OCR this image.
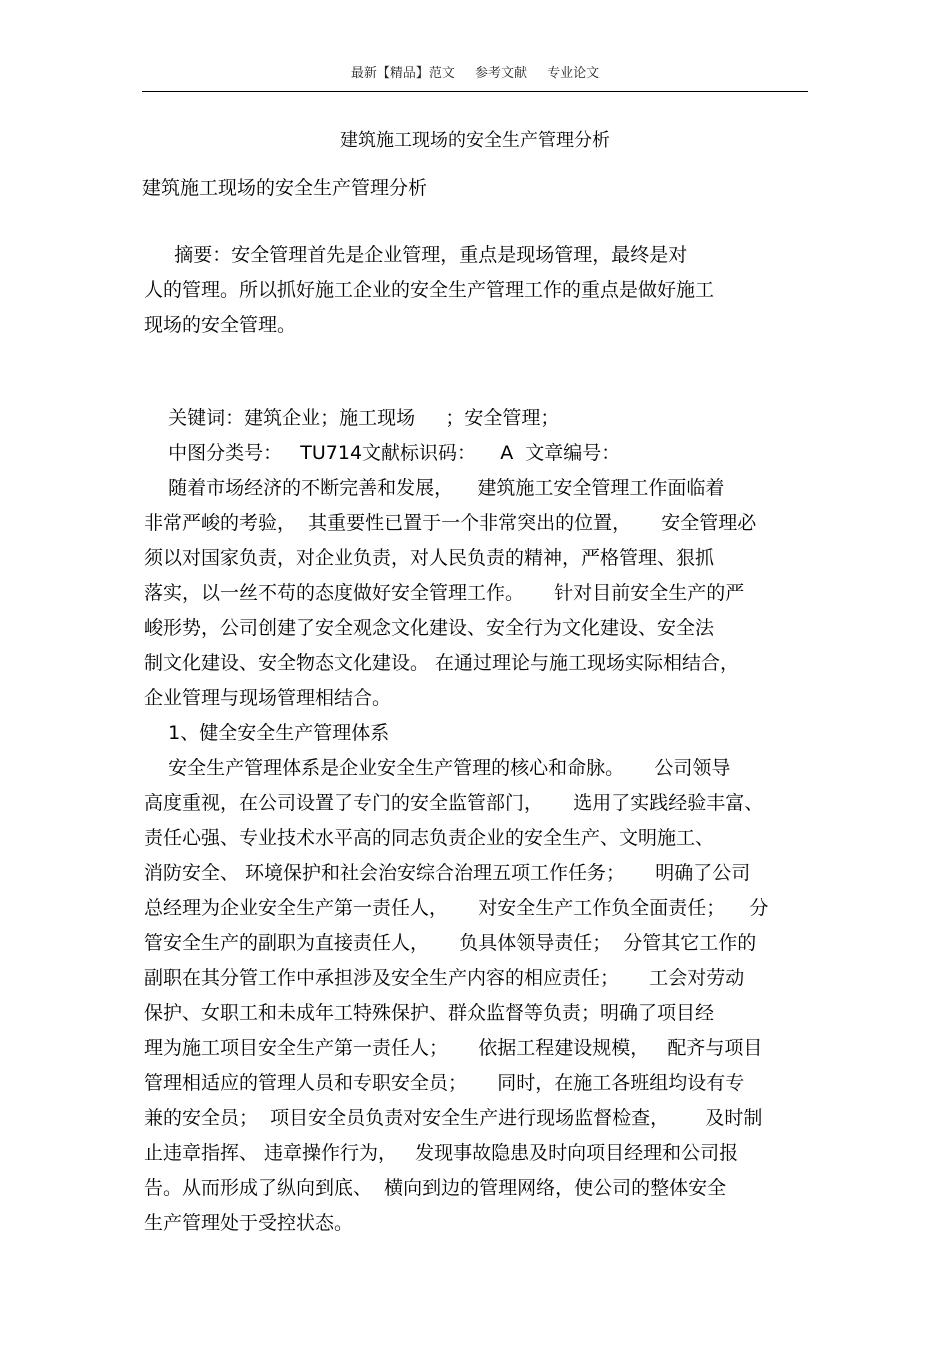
最新【精品】范文 参考文献 专业论文
建筑施工现场的安全生产管理分析
建筑施工现场的安全生产管理分析
摘要：安全管理首先是企业管理，重点是现场管理，最终是对
人的管理。所以抓好施工企业的安全生产管理工作的重点是做好施工
现场的安全管理。
关键词：建筑企业；施工现场     ；安全管理；
中图分类号：   TU714文献标识码：    A  文章编号：
随着市场经济的不断完善和发展，    建筑施工安全管理工作面临着
非常严峻的考验，  其重要性已置于一个非常突出的位置，     安全管理必
须以对国家负责，对企业负责，对人民负责的精神，严格管理、狠抓
落实，以一丝不苟的态度做好安全管理工作。     针对目前安全生产的严
峻形势，公司创建了安全观念文化建设、安全行为文化建设、安全法
制文化建设、安全物态文化建设。 在通过理论与施工现场实际相结合，
企业管理与现场管理相结合。
1、健全安全生产管理体系
安全生产管理体系是企业安全生产管理的核心和命脉。     公司领导
高度重视，在公司设置了专门的安全监管部门，     选用了实践经验丰富、
责任心强、专业技术水平高的同志负责企业的安全生产、文明施工、
消防安全、 环境保护和社会治安综合治理五项工作任务；     明确了公司
总经理为企业安全生产第一责任人，     对安全生产工作负全面责任；    分
管安全生产的副职为直接责任人，     负具体领导责任；  分管其它工作的
副职在其分管工作中承担涉及安全生产内容的相应责任；     工会对劳动
保护、女职工和未成年工特殊保护、群众监督等负责；明确了项目经
理为施工项目安全生产第一责任人；     依据工程建设规模，   配齐与项目
管理相适应的管理人员和专职安全员；     同时，在施工各班组均设有专
兼的安全员；  项目安全员负责对安全生产进行现场监督检查，      及时制
止违章指挥、 违章操作行为，   发现事故隐患及时向项目经理和公司报
告。从而形成了纵向到底、  横向到边的管理网络，使公司的整体安全
生产管理处于受控状态。
